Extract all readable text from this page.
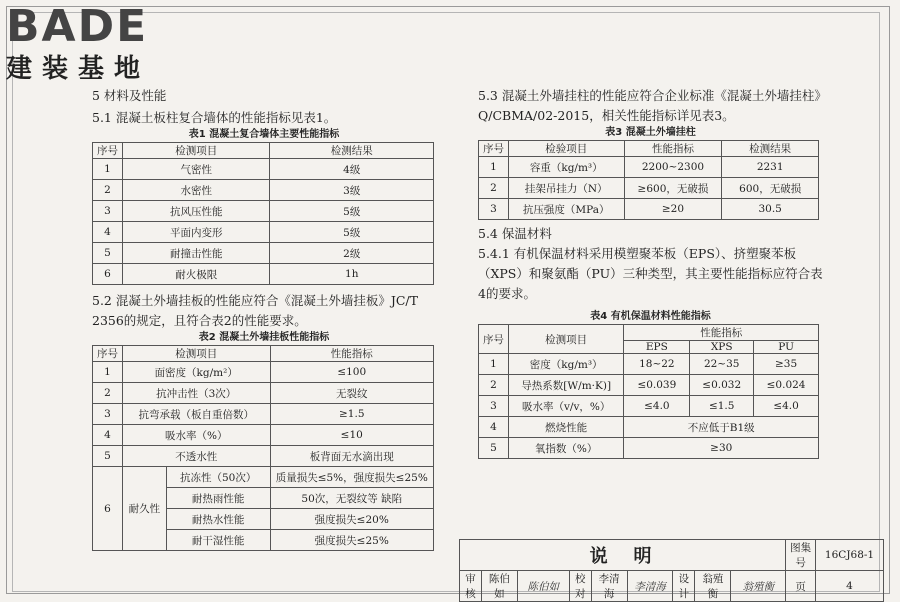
BADE
建装基地

5 材料及性能

5.1 混凝土板柱复合墙体的性能指标见表1。

表1 混凝土复合墙体主要性能指标

序号	检测项目	检测结果
1	气密性	4级
2	水密性	3级
3	抗风压性能	5级
4	平面内变形	5级
5	耐撞击性能	2级
6	耐火极限	1h

5.2 混凝土外墙挂板的性能应符合《混凝土外墙挂板》JC/T 2356的规定，且符合表2的性能要求。

表2 混凝土外墙挂板性能指标

序号	检测项目		性能指标
1	面密度（kg/m²）		≤100
2	抗冲击性（3次）		无裂纹
3	抗弯承载（板自重倍数）		≥1.5
4	吸水率（%）		≤10
5	不透水性		板背面无水滴出现
6	耐久性	抗冻性（50次）	质量损失≤5%，强度损失≤25%
		耐热雨性能	50次，无裂纹等 缺陷
		耐热水性能	强度损失≤20%
		耐干湿性能	强度损失≤25%

5.3 混凝土外墙挂柱的性能应符合企业标准《混凝土外墙挂柱》Q/CBMA/02-2015，相关性能指标详见表3。

表3 混凝土外墙挂柱

序号	检验项目	性能指标	检测结果
1	容重（kg/m³）	2200~2300	2231
2	挂架吊挂力（N）	≥600，无破损	600，无破损
3	抗压强度（MPa）	≥20	30.5

5.4 保温材料

5.4.1 有机保温材料采用模塑聚苯板（EPS）、挤塑聚苯板（XPS）和聚氨酯（PU）三种类型，其主要性能指标应符合表4的要求。

表4 有机保温材料性能指标

序号	检测项目	性能指标		
		EPS	XPS	PU
1	密度（kg/m³）	18~22	22~35	≥35
2	导热系数[W/m·K)]	≤0.039	≤0.032	≤0.024
3	吸水率（v/v，%）	≤4.0	≤1.5	≤4.0
4	燃烧性能	不应低于B1级		
5	氧指数（%）	≥30		
说　明									图集号	16CJ68-1
审核	陈伯如	陈伯如	校对	李清海	李清海	设计	翁殖衡	翁殖衡	页	4
